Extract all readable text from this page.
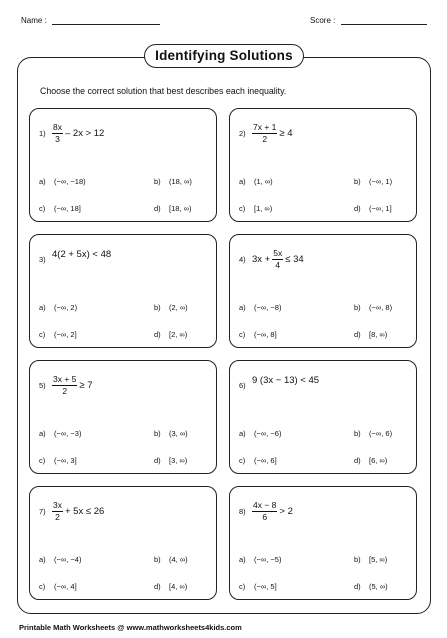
Name :	Score :
Identifying Solutions
Choose the correct solution that best describes each inequality.
$1) \frac{8x}{3} - 2x > 12$
a) (−∞, −18)	b) (18, ∞)
c) (−∞, 18]	d) [18, ∞)
$2) \frac{7x + 1}{2} \ge 4$
a) (1, ∞)	b) (−∞, 1)
c) [1, ∞)	d) (−∞, 1]
3) 4(2 + 5x) < 48
a) (−∞, 2)	b) (2, ∞)
c) (−∞, 2]	d) [2, ∞)
4) $3x + \frac{5x}{4} \le 34$
a) (−∞, −8)	b) (−∞, 8)
c) (−∞, 8]	d) [8, ∞)
$5) \frac{3x + 5}{2} \ge 7$
a) (−∞, −3)	b) (3, ∞)
c) (−∞, 3]	d) [3, ∞)
6) 9 (3x − 13) < 45
a) (−∞, −6)	b) (−∞, 6)
c) (−∞, 6]	d) [6, ∞)
$7) \frac{3x}{2} + 5x \le 26$
a) (−∞, −4)	b) (4, ∞)
c) (−∞, 4]	d) [4, ∞)
$8) \frac{4x - 8}{6} > 2$
a) (−∞, −5)	b) [5, ∞)
c) (−∞, 5]	d) (5, ∞)
Printable Math Worksheets @ www.mathworksheets4kids.com
